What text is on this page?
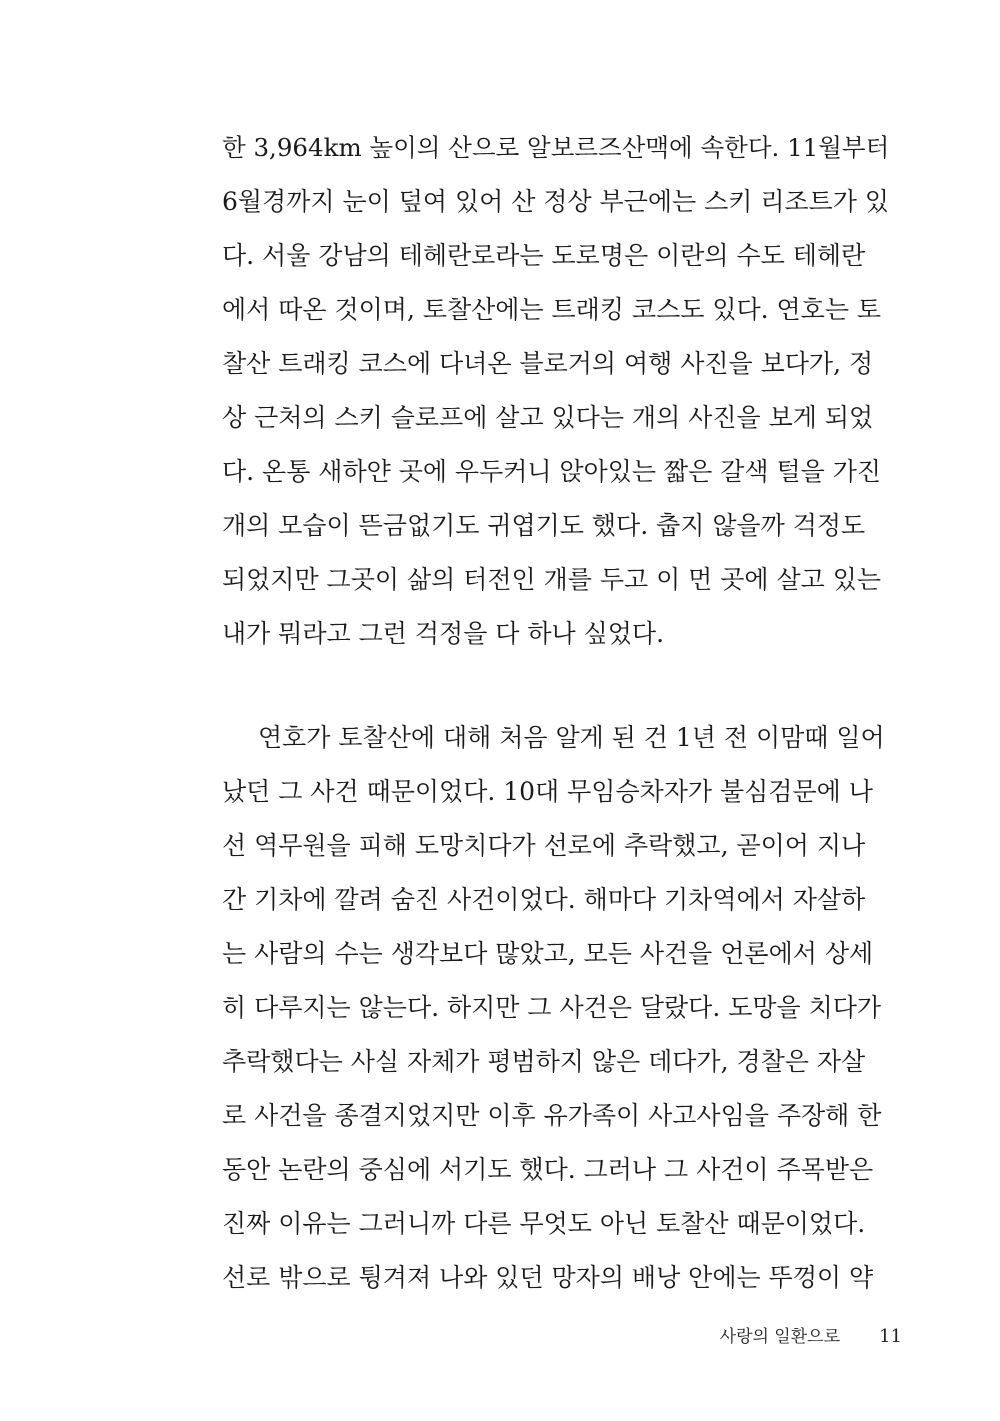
한 3,964km 높이의 산으로 알보르즈산맥에 속한다. 11월부터
6월경까지 눈이 덮여 있어 산 정상 부근에는 스키 리조트가 있
다. 서울 강남의 테헤란로라는 도로명은 이란의 수도 테헤란
에서 따온 것이며, 토찰산에는 트래킹 코스도 있다. 연호는 토
찰산 트래킹 코스에 다녀온 블로거의 여행 사진을 보다가, 정
상 근처의 스키 슬로프에 살고 있다는 개의 사진을 보게 되었
다. 온통 새하얀 곳에 우두커니 앉아있는 짧은 갈색 털을 가진
개의 모습이 뜬금없기도 귀엽기도 했다. 춥지 않을까 걱정도
되었지만 그곳이 삶의 터전인 개를 두고 이 먼 곳에 살고 있는
내가 뭐라고 그런 걱정을 다 하나 싶었다.
연호가 토찰산에 대해 처음 알게 된 건 1년 전 이맘때 일어
났던 그 사건 때문이었다. 10대 무임승차자가 불심검문에 나
선 역무원을 피해 도망치다가 선로에 추락했고, 곧이어 지나
간 기차에 깔려 숨진 사건이었다. 해마다 기차역에서 자살하
는 사람의 수는 생각보다 많았고, 모든 사건을 언론에서 상세
히 다루지는 않는다. 하지만 그 사건은 달랐다. 도망을 치다가
추락했다는 사실 자체가 평범하지 않은 데다가, 경찰은 자살
로 사건을 종결지었지만 이후 유가족이 사고사임을 주장해 한
동안 논란의 중심에 서기도 했다. 그러나 그 사건이 주목받은
진짜 이유는 그러니까 다른 무엇도 아닌 토찰산 때문이었다.
선로 밖으로 튕겨져 나와 있던 망자의 배낭 안에는 뚜껑이 약
사랑의 일환으로	11
